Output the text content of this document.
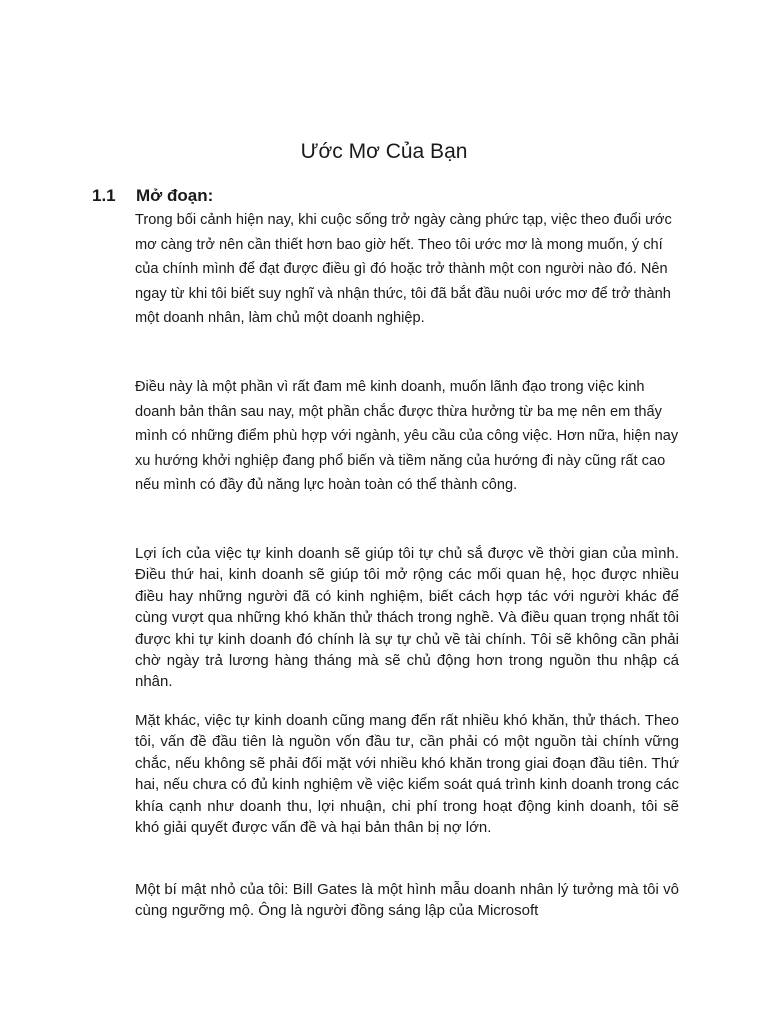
Ước Mơ Của Bạn
1.1 Mở đoạn:

Trong bối cảnh hiện nay, khi cuộc sống trở ngày càng phức tạp, việc theo đuổi ước mơ càng trở nên cần thiết hơn bao giờ hết. Theo tôi ước mơ là mong muốn, ý chí của chính mình để đạt được điều gì đó hoặc trở thành một con người nào đó. Nên ngay từ khi tôi biết suy nghĩ và nhận thức, tôi đã bắt đầu nuôi ước mơ để trở thành một doanh nhân, làm chủ một doanh nghiệp.

Điều này là một phần vì rất đam mê kinh doanh, muốn lãnh đạo trong việc kinh doanh bản thân sau nay, một phần chắc được thừa hưởng từ ba mẹ nên em thấy mình có những điểm phù hợp với ngành, yêu cầu của công việc. Hơn nữa, hiện nay xu hướng khởi nghiệp đang phổ biến và tiềm năng của hướng đi này cũng rất cao nếu mình có đầy đủ năng lực hoàn toàn có thể thành công.

Lợi ích của việc tự kinh doanh sẽ giúp tôi tự chủ sắ được về thời gian của mình. Điều thứ hai, kinh doanh sẽ giúp tôi mở rộng các mối quan hệ, học được nhiều điều hay những người đã có kinh nghiệm, biết cách hợp tác với người khác để cùng vượt qua những khó khăn thử thách trong nghề. Và điều quan trọng nhất tôi được khi tự kinh doanh đó chính là sự tự chủ về tài chính. Tôi sẽ không cần phải chờ ngày trả lương hàng tháng mà sẽ chủ động hơn trong nguồn thu nhập cá nhân.

Mặt khác, việc tự kinh doanh cũng mang đến rất nhiều khó khăn, thử thách. Theo tôi, vấn đề đầu tiên là nguồn vốn đầu tư, cần phải có một nguồn tài chính vững chắc, nếu không sẽ phải đối mặt với nhiều khó khăn trong giai đoạn đầu tiên. Thứ hai, nếu chưa có đủ kinh nghiệm về việc kiểm soát quá trình kinh doanh trong các khía cạnh như doanh thu, lợi nhuận, chi phí trong hoạt động kinh doanh, tôi sẽ khó giải quyết được vấn đề và hại bản thân bị nợ lớn.

Một bí mật nhỏ của tôi: Bill Gates là một hình mẫu doanh nhân lý tưởng mà tôi vô cùng ngưỡng mộ. Ông là người đồng sáng lập của Microsoft
